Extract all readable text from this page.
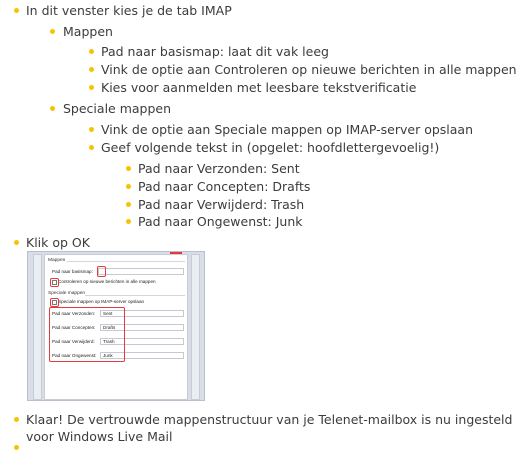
In dit venster kies je de tab IMAP
Mappen
Pad naar basismap: laat dit vak leeg
Vink de optie aan Controleren op nieuwe berichten in alle mappen
Kies voor aanmelden met leesbare tekstverificatie
Speciale mappen
Vink de optie aan Speciale mappen op IMAP-server opslaan
Geef volgende tekst in (opgelet: hoofdlettergevoelig!)
Pad naar Verzonden: Sent
Pad naar Concepten: Drafts
Pad naar Verwijderd: Trash
Pad naar Ongewenst: Junk
Klik op OK
Mappen
Pad naar basismap:
Controleren op nieuwe berichten in alle mappen
Speciale mappen
Speciale mappen op IMAP-server opslaan
Pad naar Verzonden: Sent
Pad naar Concepten: Drafts
Pad naar Verwijderd: Trash
Pad naar Ongewenst: Junk
Klaar! De vertrouwde mappenstructuur van je Telenet-mailbox is nu ingesteld
voor Windows Live Mail
